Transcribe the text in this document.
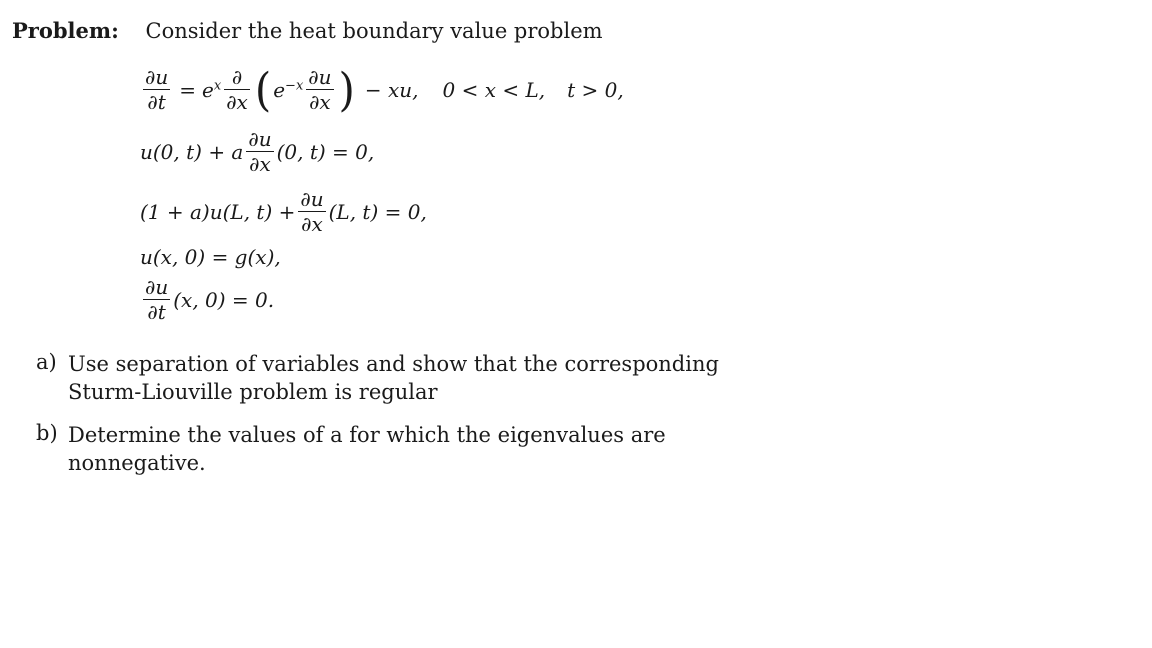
Problem: Consider the heat boundary value problem
$\frac{\partial u}{\partial t} = e^x \frac{\partial}{\partial x}$ ( $e^{-x} \frac{\partial u}{\partial x}$ ) − xu, 0 < x < L, t > 0,
u(0, t) + a $\frac{\partial u}{\partial x} (0$, t) = 0,
(1 + a)u(L, $t) + \frac{\partial u}{\partial x} (L$, t) = 0,
u(x, 0) = g(x),
$\frac{\partial u}{\partial t} (x$, 0) = 0.
a) Use separation of variables and show that the corresponding Sturm-Liouville problem is regular
b) Determine the values of a for which the eigenvalues are nonnegative.
